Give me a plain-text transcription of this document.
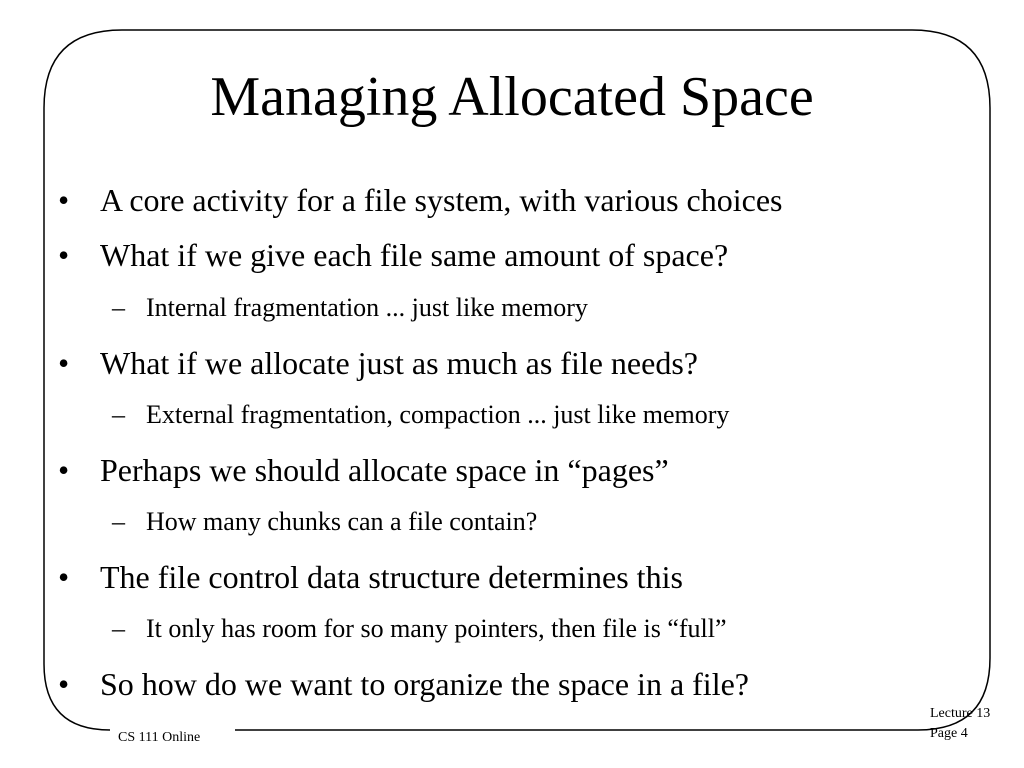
Managing Allocated Space
• A core activity for a file system, with various choices
• What if we give each file same amount of space?
– Internal fragmentation ... just like memory
• What if we allocate just as much as file needs?
– External fragmentation, compaction ... just like memory
• Perhaps we should allocate space in “pages”
– How many chunks can a file contain?
• The file control data structure determines this
– It only has room for so many pointers, then file is “full”
• So how do we want to organize the space in a file?
CS 111 Online
Lecture 13
Page 4
